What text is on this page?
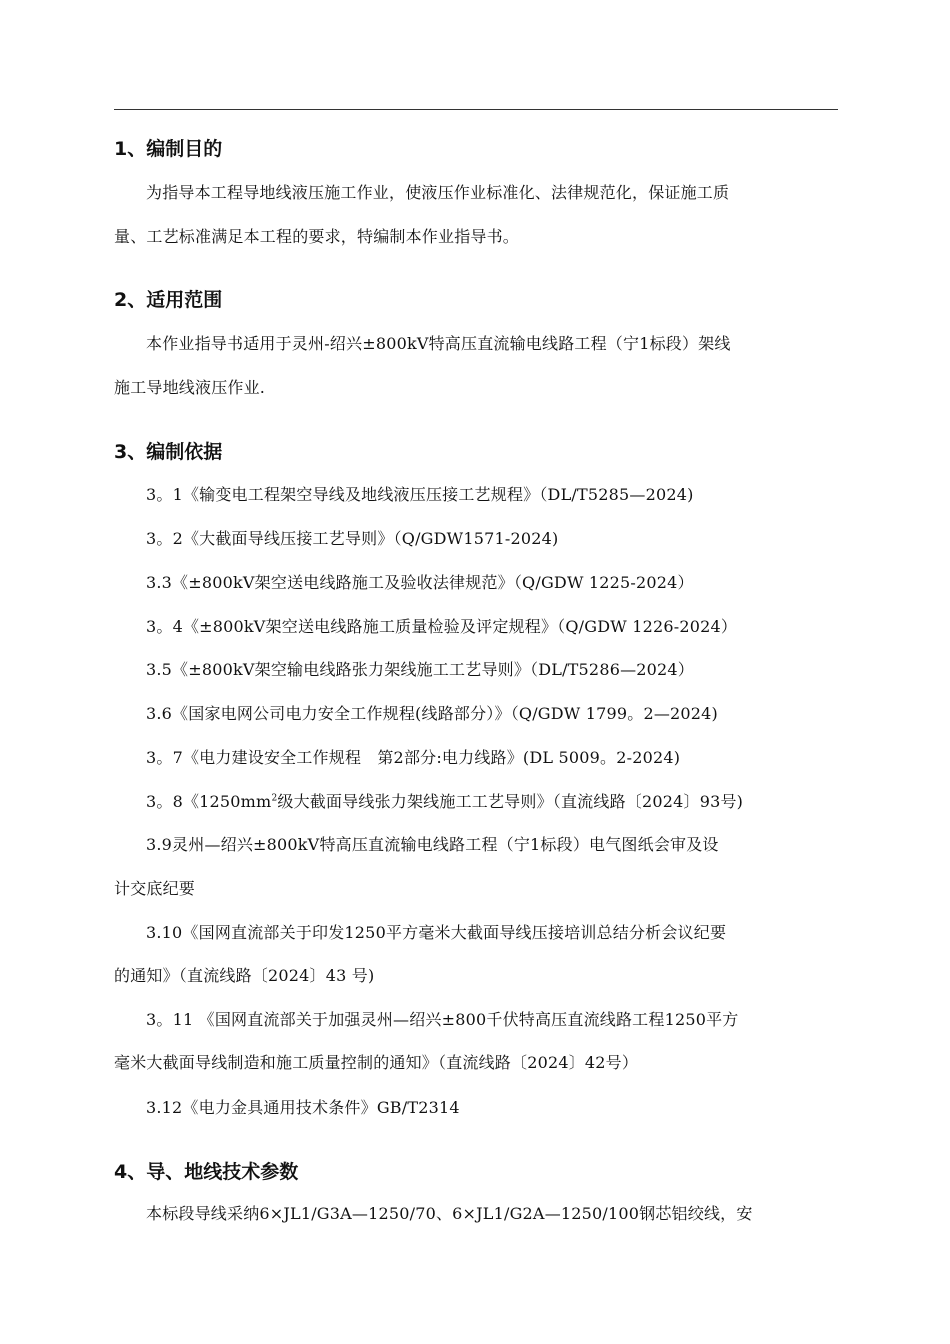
1、编制目的
为指导本工程导地线液压施工作业，使液压作业标准化、法律规范化，保证施工质
量、工艺标准满足本工程的要求，特编制本作业指导书。
2、适用范围
本作业指导书适用于灵州-绍兴±800kV特高压直流输电线路工程（宁1标段）架线
施工导地线液压作业.
3、编制依据
3。1《输变电工程架空导线及地线液压压接工艺规程》（DL/T5285—2024)
3。2《大截面导线压接工艺导则》（Q/GDW1571-2024)
3.3《±800kV架空送电线路施工及验收法律规范》（Q/GDW 1225-2024）
3。4《±800kV架空送电线路施工质量检验及评定规程》（Q/GDW 1226-2024）
3.5《±800kV架空输电线路张力架线施工工艺导则》（DL/T5286—2024）
3.6《国家电网公司电力安全工作规程(线路部分）》（Q/GDW 1799。2—2024)
3。7《电力建设安全工作规程　第2部分:电力线路》(DL 5009。2-2024)
3。8《$1250mm^2$级大截面导线张力架线施工工艺导则》（直流线路〔2024〕93号)
3.9灵州—绍兴±800kV特高压直流输电线路工程（宁1标段）电气图纸会审及设
计交底纪要
3.10《国网直流部关于印发1250平方毫米大截面导线压接培训总结分析会议纪要
的通知》（直流线路〔2024〕43 号)
3。11 《国网直流部关于加强灵州—绍兴±800千伏特高压直流线路工程1250平方
毫米大截面导线制造和施工质量控制的通知》（直流线路〔2024〕42号）
3.12《电力金具通用技术条件》GB/T2314
4、导、地线技术参数
本标段导线采纳6×JL1/G3A—1250/70、6×JL1/G2A—1250/100钢芯铝绞线，安
